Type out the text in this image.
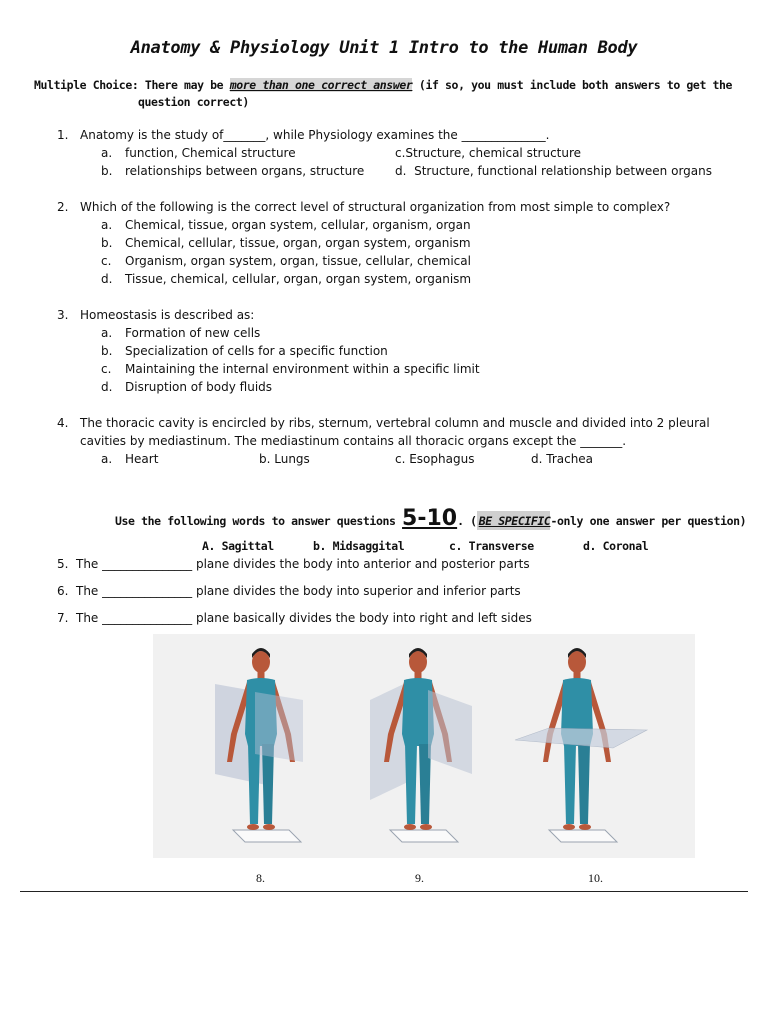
Anatomy & Physiology Unit 1 Intro to the Human Body
Multiple Choice: There may be more than one correct answer (if so, you must include both answers to get the
question correct)
1. Anatomy is the study of_______, while Physiology examines the ______________.
a. function, Chemical structure
b. relationships between organs, structure
c.Structure, chemical structure
d. Structure, functional relationship between organs
2. Which of the following is the correct level of structural organization from most simple to complex?
a. Chemical, tissue, organ system, cellular, organism, organ
b. Chemical, cellular, tissue, organ, organ system, organism
c. Organism, organ system, organ, tissue, cellular, chemical
d. Tissue, chemical, cellular, organ, organ system, organism
3. Homeostasis is described as:
a. Formation of new cells
b. Specialization of cells for a specific function
c. Maintaining the internal environment within a specific limit
d. Disruption of body fluids
4. The thoracic cavity is encircled by ribs, sternum, vertebral column and muscle and divided into 2 pleural
cavities by mediastinum. The mediastinum contains all thoracic organs except the _______.
a. Heart	b. Lungs	c. Esophagus	d. Trachea
Use the following words to answer questions 5-10. ( BE SPECIFIC-only one answer per question)
A. Sagittal	b. Midsaggital	c. Transverse	d. Coronal
5. The _______________ plane divides the body into anterior and posterior parts
6. The _______________ plane divides the body into superior and inferior parts
7. The _______________ plane basically divides the body into right and left sides
8.	9.	10.
